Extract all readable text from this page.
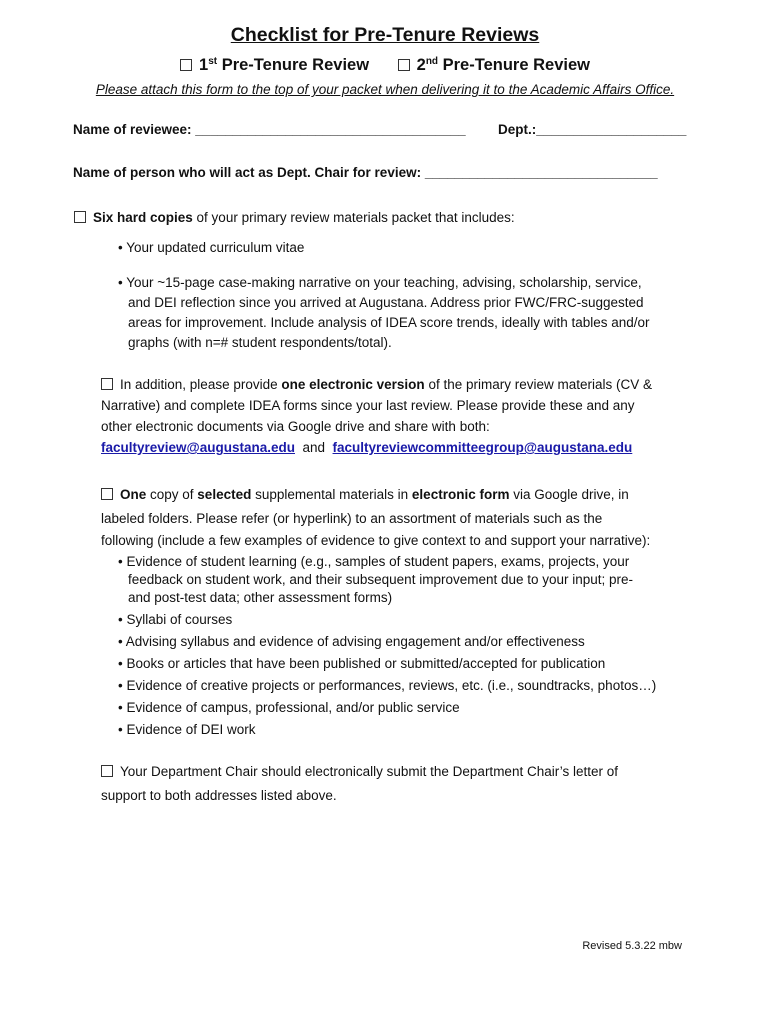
Checklist for Pre-Tenure Reviews
1st Pre-Tenure Review	2nd Pre-Tenure Review
Please attach this form to the top of your packet when delivering it to the Academic Affairs Office.
Name of reviewee: ____________________________________ Dept.:____________________
Name of person who will act as Dept. Chair for review: _______________________________
Six hard copies of your primary review materials packet that includes:
• Your updated curriculum vitae
• Your ~15-page case-making narrative on your teaching, advising, scholarship, service,
and DEI reflection since you arrived at Augustana. Address prior FWC/FRC-suggested
areas for improvement. Include analysis of IDEA score trends, ideally with tables and/or
graphs (with n=# student respondents/total).
In addition, please provide one electronic version of the primary review materials (CV &
Narrative) and complete IDEA forms since your last review. Please provide these and any
other electronic documents via Google drive and share with both:
facultyreview@augustana.edu and facultyreviewcommitteegroup@augustana.edu
One copy of selected supplemental materials in electronic form via Google drive, in
labeled folders. Please refer (or hyperlink) to an assortment of materials such as the
following (include a few examples of evidence to give context to and support your narrative):
• Evidence of student learning (e.g., samples of student papers, exams, projects, your
feedback on student work, and their subsequent improvement due to your input; pre-
and post-test data; other assessment forms)
• Syllabi of courses
• Advising syllabus and evidence of advising engagement and/or effectiveness
• Books or articles that have been published or submitted/accepted for publication
• Evidence of creative projects or performances, reviews, etc. (i.e., soundtracks, photos…)
• Evidence of campus, professional, and/or public service
• Evidence of DEI work
Your Department Chair should electronically submit the Department Chair’s letter of
support to both addresses listed above.
Revised 5.3.22 mbw
